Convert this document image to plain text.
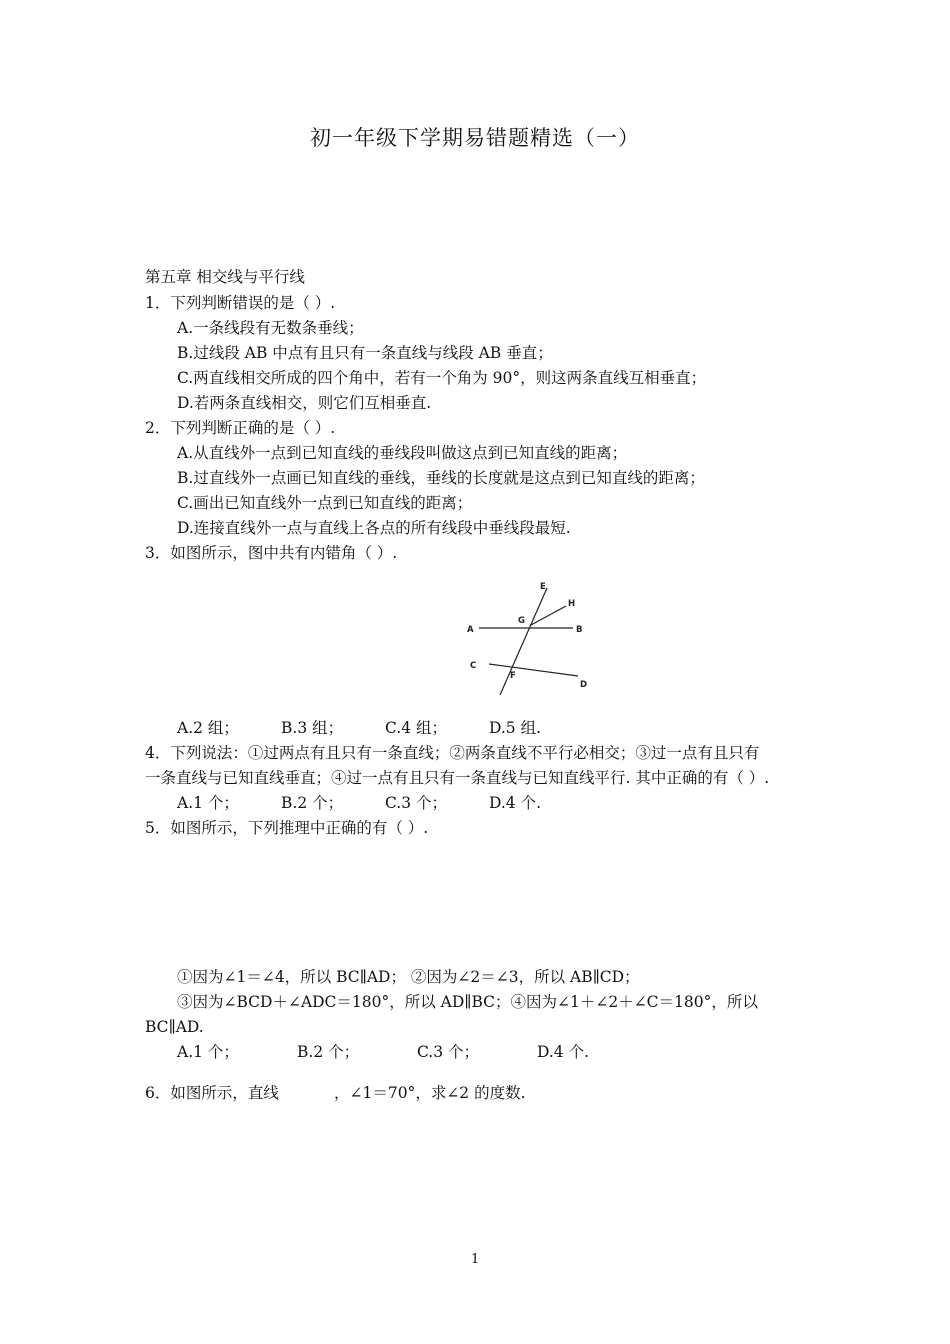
初一年级下学期易错题精选（一）
第五章 相交线与平行线
1．下列判断错误的是（ ）.
A.一条线段有无数条垂线；
B.过线段 AB 中点有且只有一条直线与线段 AB 垂直；
C.两直线相交所成的四个角中，若有一个角为 90°，则这两条直线互相垂直；
D.若两条直线相交，则它们互相垂直.
2．下列判断正确的是（ ）.
A.从直线外一点到已知直线的垂线段叫做这点到已知直线的距离；
B.过直线外一点画已知直线的垂线，垂线的长度就是这点到已知直线的距离；
C.画出已知直线外一点到已知直线的距离；
D.连接直线外一点与直线上各点的所有线段中垂线段最短.
3．如图所示，图中共有内错角（ ）.
E
H
G
A	B
C
F
D
A.2 组；	B.3 组；	C.4 组；	D.5 组.
4．下列说法：①过两点有且只有一条直线；②两条直线不平行必相交；③过一点有且只有
一条直线与已知直线垂直；④过一点有且只有一条直线与已知直线平行. 其中正确的有（ ）.
A.1 个；	B.2 个；	C.3 个；	D.4 个.
5．如图所示，下列推理中正确的有（ ）.
①因为∠1＝∠4，所以 BC∥AD； ②因为∠2＝∠3，所以 AB∥CD；
③因为∠BCD＋∠ADC＝180°，所以 AD∥BC；④因为∠1＋∠2＋∠C＝180°，所以
BC∥AD.
A.1 个；	B.2 个；	C.3 个；	D.4 个.
6．如图所示，直线	，∠1＝70°，求∠2 的度数.
1
